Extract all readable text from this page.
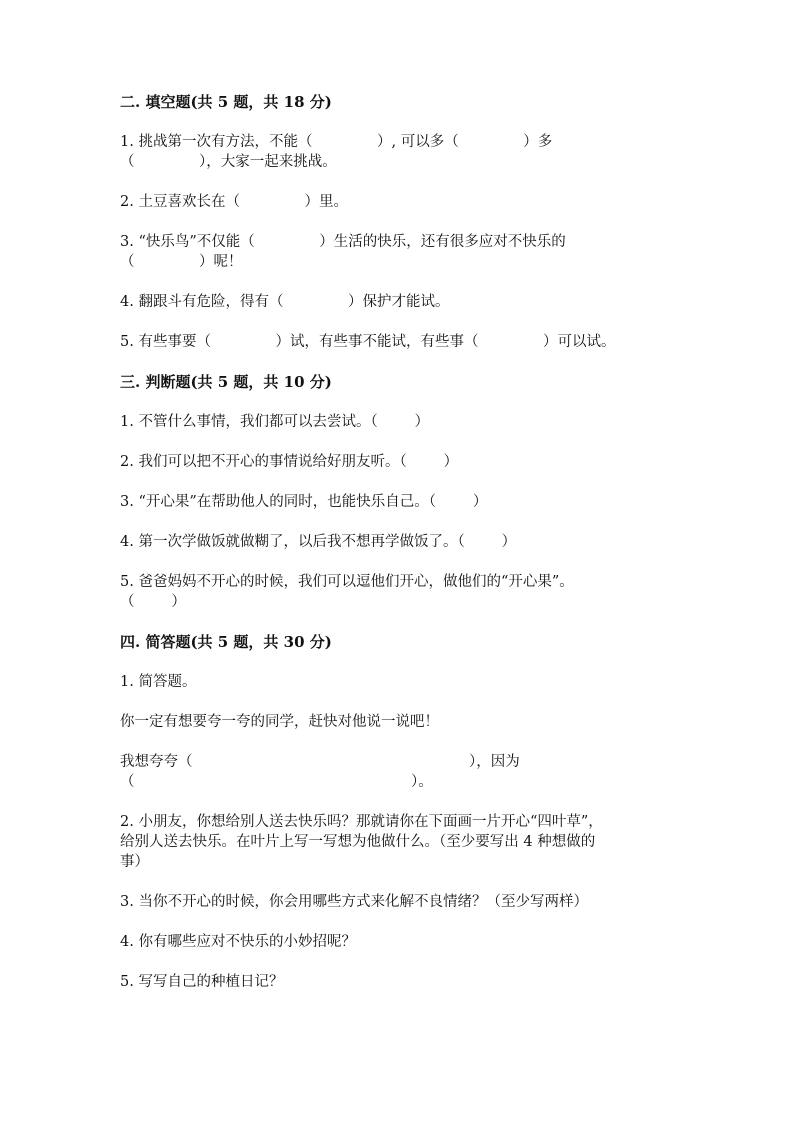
二. 填空题(共 5 题，共 18 分)
1. 挑战第一次有方法，不能（              ）, 可以多（              ）多
（              ），大家一起来挑战。
2. 土豆喜欢长在（              ）里。
3. “快乐鸟”不仅能（              ）生活的快乐，还有很多应对不快乐的
（              ）呢！
4. 翻跟斗有危险，得有（              ）保护才能试。
5. 有些事要（              ）试，有些事不能试，有些事（              ）可以试。
三. 判断题(共 5 题，共 10 分)
1. 不管什么事情，我们都可以去尝试。（        ）
2. 我们可以把不开心的事情说给好朋友听。（        ）
3. “开心果”在帮助他人的同时，也能快乐自己。（        ）
4. 第一次学做饭就做糊了，以后我不想再学做饭了。（        ）
5. 爸爸妈妈不开心的时候，我们可以逗他们开心，做他们的“开心果”。
（        ）
四. 简答题(共 5 题，共 30 分)
1. 简答题。
你一定有想要夸一夸的同学，赶快对他说一说吧！
我想夸夸（                                                            ），因为
（                                                            ）。
2. 小朋友，你想给别人送去快乐吗？那就请你在下面画一片开心“四叶草”，
给别人送去快乐。在叶片上写一写想为他做什么。（至少要写出 4 种想做的
事）
3. 当你不开心的时候，你会用哪些方式来化解不良情绪？（至少写两样）
4. 你有哪些应对不快乐的小妙招呢？
5. 写写自己的种植日记？
